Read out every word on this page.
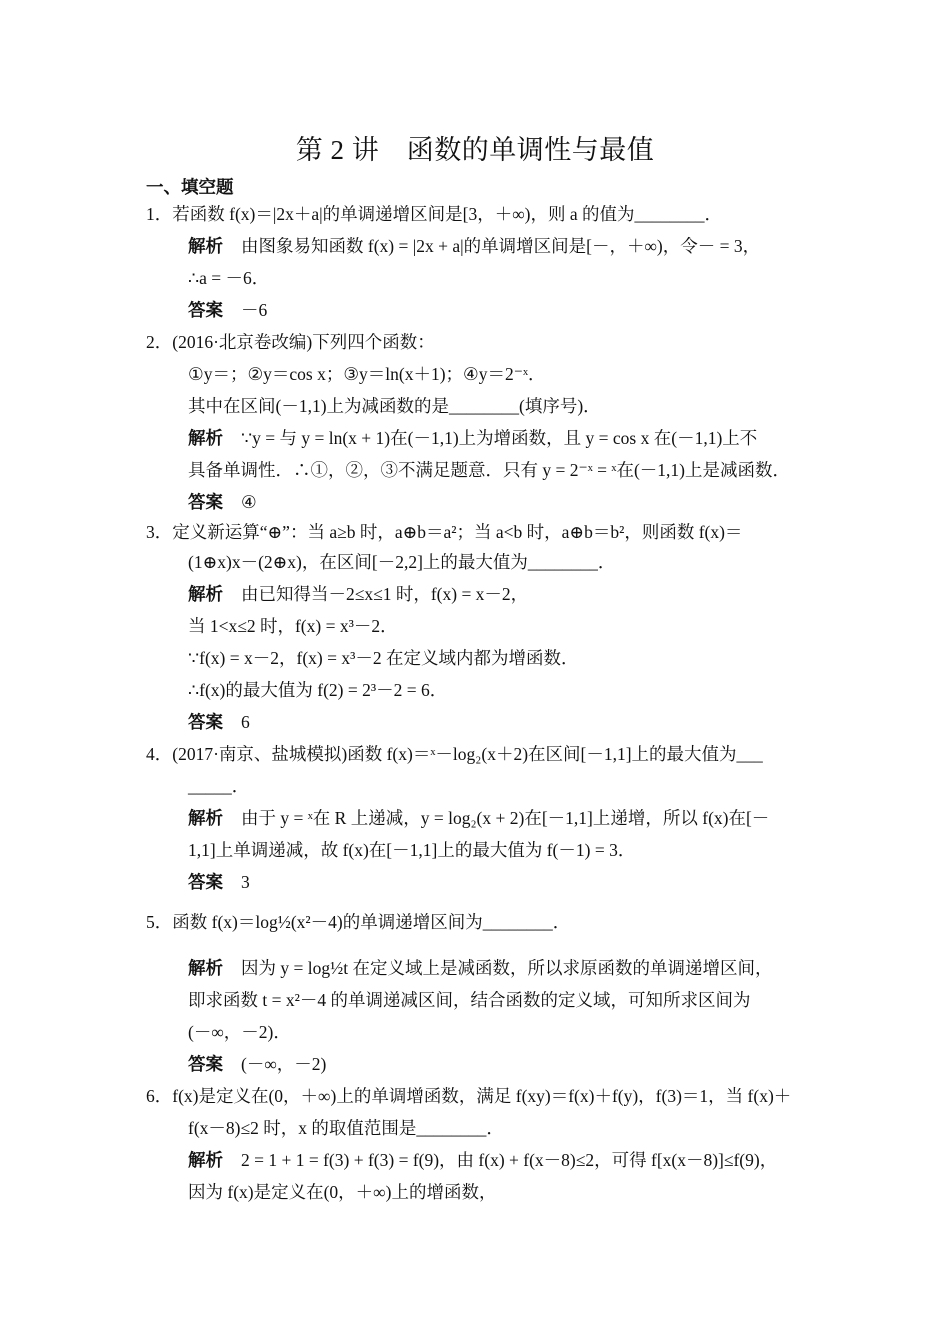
第 2 讲　函数的单调性与最值
一、填空题
1．若函数 f(x)＝|2x＋a|的单调递增区间是[3，＋∞)，则 a 的值为________．
解析 由图象易知函数 f(x) = |2x + a|的单调增区间是[－，＋∞)，令－ = 3，
∴a = －6．
答案 －6
2．(2016·北京卷改编)下列四个函数：
①y＝；②y＝cos x；③y＝ln(x＋1)；④y＝2⁻ˣ．
其中在区间(－1,1)上为减函数的是________(填序号)．
解析 ∵y = 与 y = ln(x + 1)在(－1,1)上为增函数，且 y = cos x 在(－1,1)上不
具备单调性．∴①，②，③不满足题意．只有 y = 2⁻ˣ = ˣ在(－1,1)上是减函数．
答案 ④
3．定义新运算“⊕”：当 a≥b 时，a⊕b＝a²；当 a<b 时，a⊕b＝b²，则函数 f(x)＝
(1⊕x)x－(2⊕x)，在区间[－2,2]上的最大值为________．
解析 由已知得当－2≤x≤1 时，f(x) = x－2，
当 1<x≤2 时，f(x) = x³－2．
∵f(x) = x－2，f(x) = x³－2 在定义域内都为增函数．
∴f(x)的最大值为 f(2) = 2³－2 = 6．
答案 6
4．(2017·南京、盐城模拟)函数 f(x)＝ˣ－log₂(x＋2)在区间[－1,1]上的最大值为___
_____．
解析 由于 y = ˣ在 R 上递减，y = log₂(x + 2)在[－1,1]上递增，所以 f(x)在[－
1,1]上单调递减，故 f(x)在[－1,1]上的最大值为 f(－1) = 3．
答案 3
5．函数 f(x)＝log½(x²－4)的单调递增区间为________．
解析 因为 y = log½t 在定义域上是减函数，所以求原函数的单调递增区间，
即求函数 t = x²－4 的单调递减区间，结合函数的定义域，可知所求区间为
(－∞，－2)．
答案 (－∞，－2)
6．f(x)是定义在(0，＋∞)上的单调增函数，满足 f(xy)＝f(x)＋f(y)，f(3)＝1，当 f(x)＋
f(x－8)≤2 时，x 的取值范围是________．
解析 2 = 1 + 1 = f(3) + f(3) = f(9)，由 f(x) + f(x－8)≤2，可得 f[x(x－8)]≤f(9)，
因为 f(x)是定义在(0，＋∞)上的增函数，
